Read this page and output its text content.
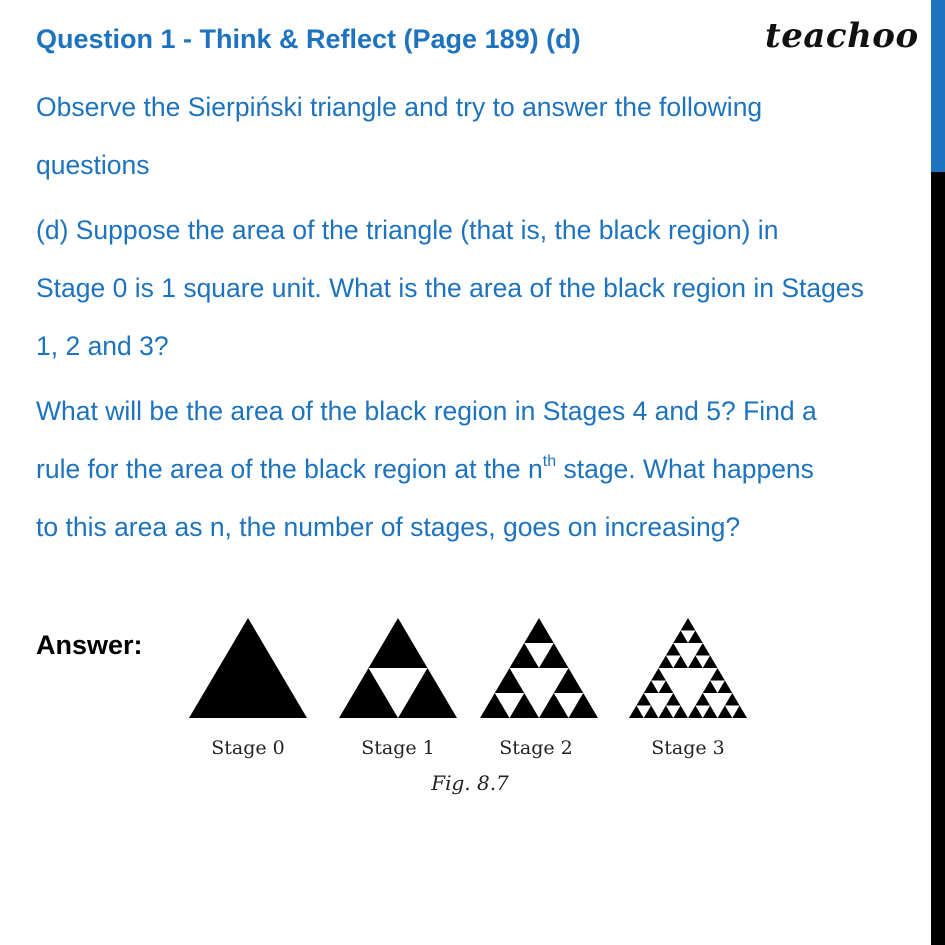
Question 1 - Think & Reflect (Page 189) (d)	teachoo

Observe the Sierpiński triangle and try to answer the following
questions

(d) Suppose the area of the triangle (that is, the black region) in
Stage 0 is 1 square unit. What is the area of the black region in Stages
1, 2 and 3?

What will be the area of the black region in Stages 4 and 5? Find a
rule for the area of the black region at the $n^{th}$ stage. What happens
to this area as n, the number of stages, goes on increasing?

Answer:
Stage 0	Stage 1	Stage 2	Stage 3
Fig. 8.7
